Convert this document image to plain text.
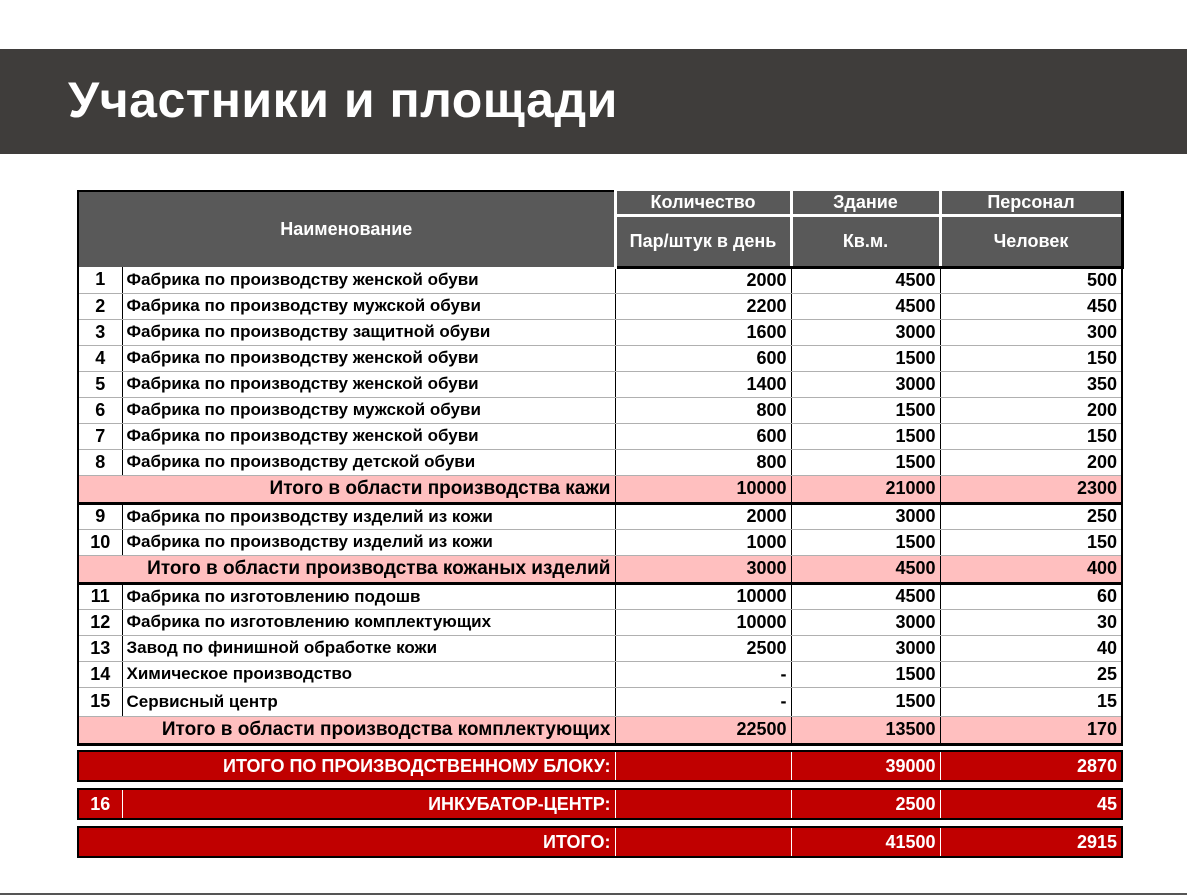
Участники и площади
Наименование		Количество	Здание	Персонал
		Пар/штук в день	Кв.м.	Человек
1	Фабрика по производству женской обуви	2000	4500	500
2	Фабрика по производству мужской обуви	2200	4500	450
3	Фабрика по производству защитной обуви	1600	3000	300
4	Фабрика по производству женской обуви	600	1500	150
5	Фабрика по производству женской обуви	1400	3000	350
6	Фабрика по производству мужской обуви	800	1500	200
7	Фабрика по производству женской обуви	600	1500	150
8	Фабрика по производству детской обуви	800	1500	200
Итого в области производства кажи		10000	21000	2300
9	Фабрика по производству изделий из кожи	2000	3000	250
10	Фабрика по производству изделий из кожи	1000	1500	150
Итого в области производства кожаных изделий		3000	4500	400
11	Фабрика по изготовлению подошв	10000	4500	60
12	Фабрика по изготовлению комплектующих	10000	3000	30
13	Завод по финишной обработке кожи	2500	3000	40
14	Химическое производство	-	1500	25
15	Сервисный центр	-	1500	15
Итого в области производства комплектующих		22500	13500	170

ИТОГО ПО ПРОИЗВОДСТВЕННОМУ БЛОКУ:			39000	2870

16	ИНКУБАТОР-ЦЕНТР:		2500	45

ИТОГО:			41500	2915
